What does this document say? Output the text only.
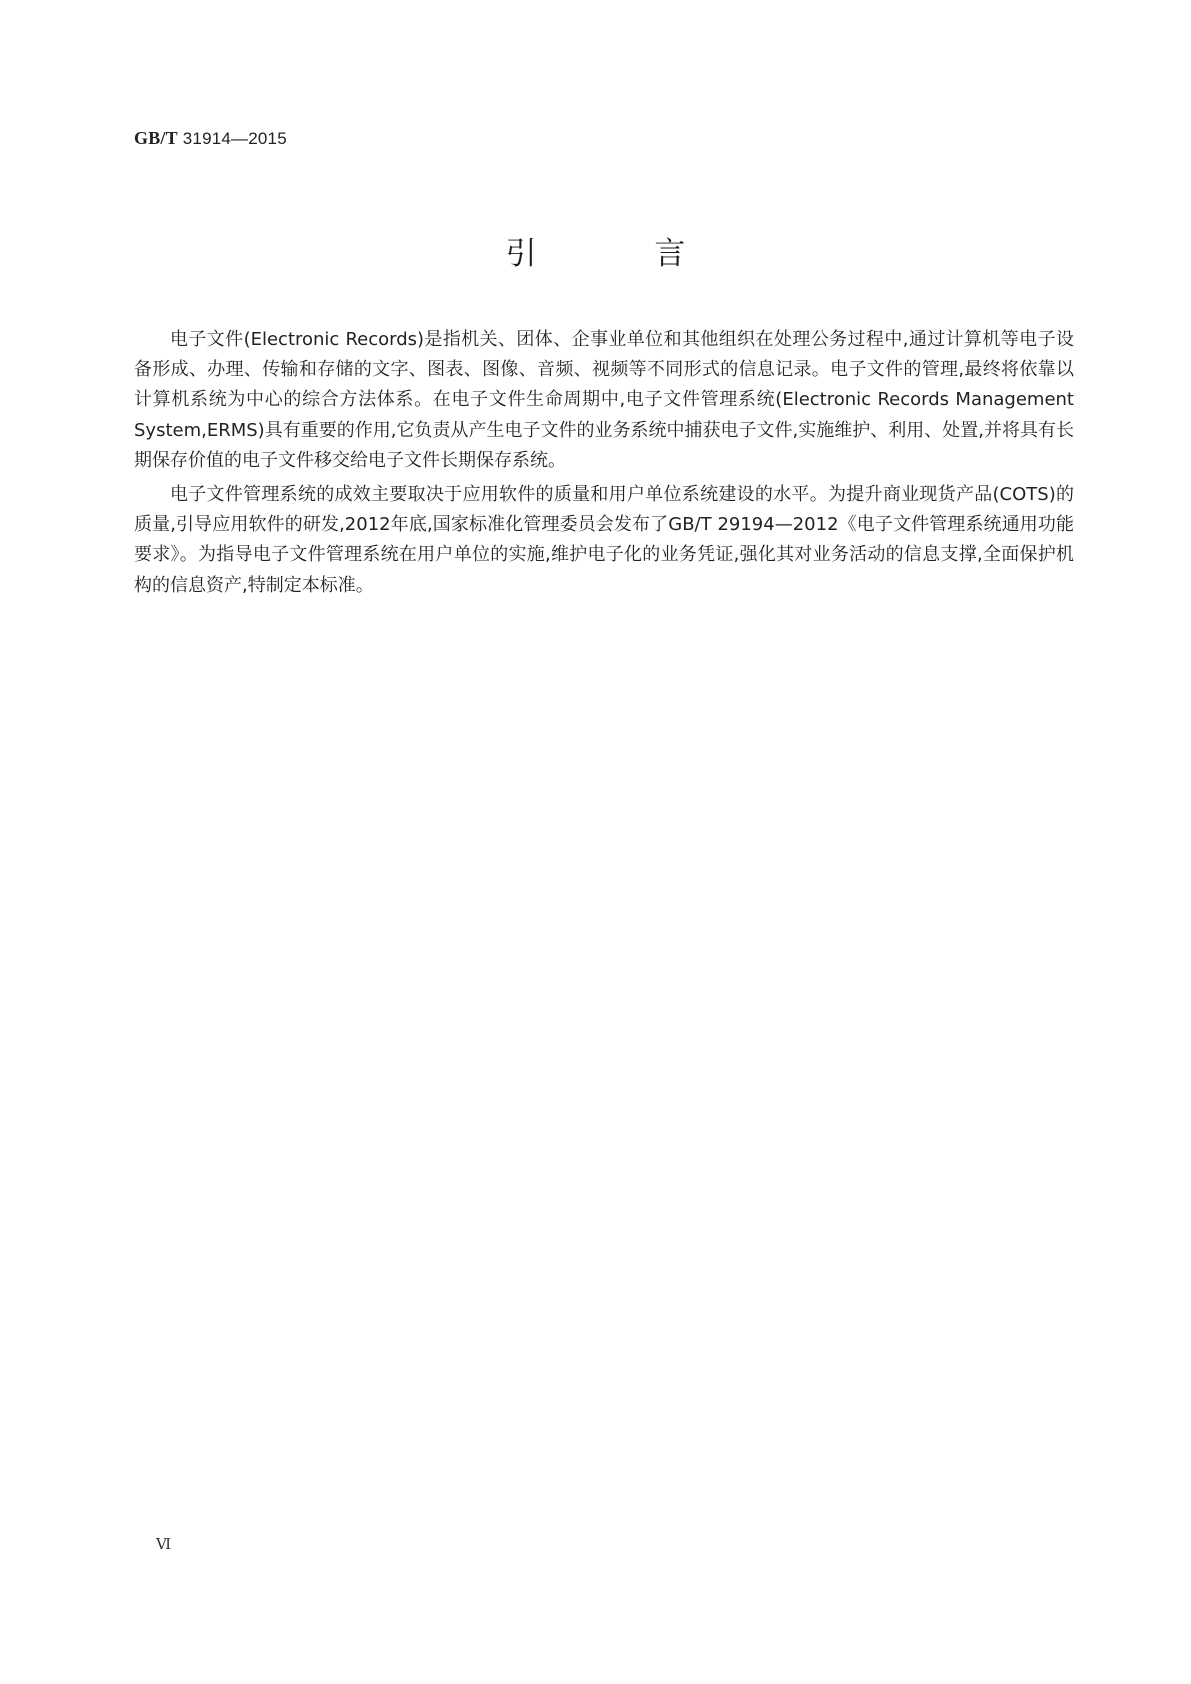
GB/T 31914—2015
引 言

电子文件(Electronic Records)是指机关、团体、企事业单位和其他组织在处理公务过程中,通过计算机等电子设备形成、办理、传输和存储的文字、图表、图像、音频、视频等不同形式的信息记录。电子文件的管理,最终将依靠以计算机系统为中心的综合方法体系。在电子文件生命周期中,电子文件管理系统(Electronic Records Management System,ERMS)具有重要的作用,它负责从产生电子文件的业务系统中捕获电子文件,实施维护、利用、处置,并将具有长期保存价值的电子文件移交给电子文件长期保存系统。

电子文件管理系统的成效主要取决于应用软件的质量和用户单位系统建设的水平。为提升商业现货产品(COTS)的质量,引导应用软件的研发,2012年底,国家标准化管理委员会发布了GB/T 29194—2012《电子文件管理系统通用功能要求》。为指导电子文件管理系统在用户单位的实施,维护电子化的业务凭证,强化其对业务活动的信息支撑,全面保护机构的信息资产,特制定本标准。

Ⅵ
